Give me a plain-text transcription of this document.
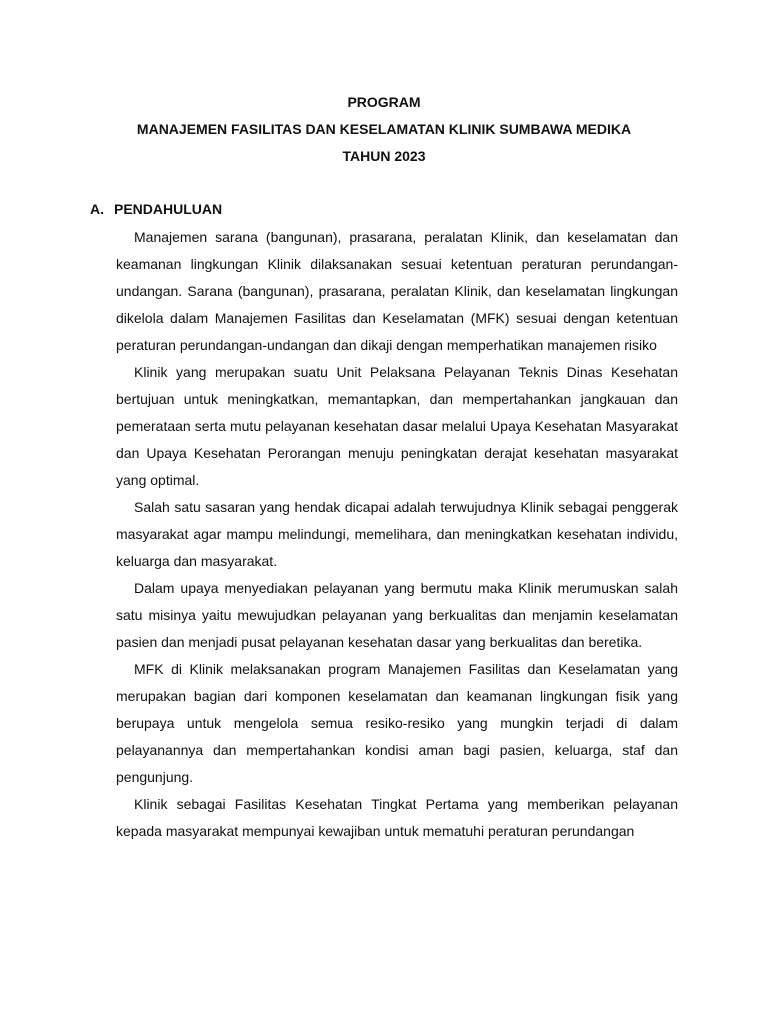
PROGRAM
MANAJEMEN FASILITAS DAN KESELAMATAN KLINIK SUMBAWA MEDIKA
TAHUN 2023
A. PENDAHULUAN

Manajemen sarana (bangunan), prasarana, peralatan Klinik, dan keselamatan dan keamanan lingkungan Klinik dilaksanakan sesuai ketentuan peraturan perundangan-undangan. Sarana (bangunan), prasarana, peralatan Klinik, dan keselamatan lingkungan dikelola dalam Manajemen Fasilitas dan Keselamatan (MFK) sesuai dengan ketentuan peraturan perundangan-undangan dan dikaji dengan memperhatikan manajemen risiko

Klinik yang merupakan suatu Unit Pelaksana Pelayanan Teknis Dinas Kesehatan bertujuan untuk meningkatkan, memantapkan, dan mempertahankan jangkauan dan pemerataan serta mutu pelayanan kesehatan dasar melalui Upaya Kesehatan Masyarakat dan Upaya Kesehatan Perorangan menuju peningkatan derajat kesehatan masyarakat yang optimal.

Salah satu sasaran yang hendak dicapai adalah terwujudnya Klinik sebagai penggerak masyarakat agar mampu melindungi, memelihara, dan meningkatkan kesehatan individu, keluarga dan masyarakat.

Dalam upaya menyediakan pelayanan yang bermutu maka Klinik merumuskan salah satu misinya yaitu mewujudkan pelayanan yang berkualitas dan menjamin keselamatan pasien dan menjadi pusat pelayanan kesehatan dasar yang berkualitas dan beretika.

MFK di Klinik melaksanakan program Manajemen Fasilitas dan Keselamatan yang merupakan bagian dari komponen keselamatan dan keamanan lingkungan fisik yang berupaya untuk mengelola semua resiko-resiko yang mungkin terjadi di dalam pelayanannya dan mempertahankan kondisi aman bagi pasien, keluarga, staf dan pengunjung.

Klinik sebagai Fasilitas Kesehatan Tingkat Pertama yang memberikan pelayanan kepada masyarakat mempunyai kewajiban untuk mematuhi peraturan perundangan
